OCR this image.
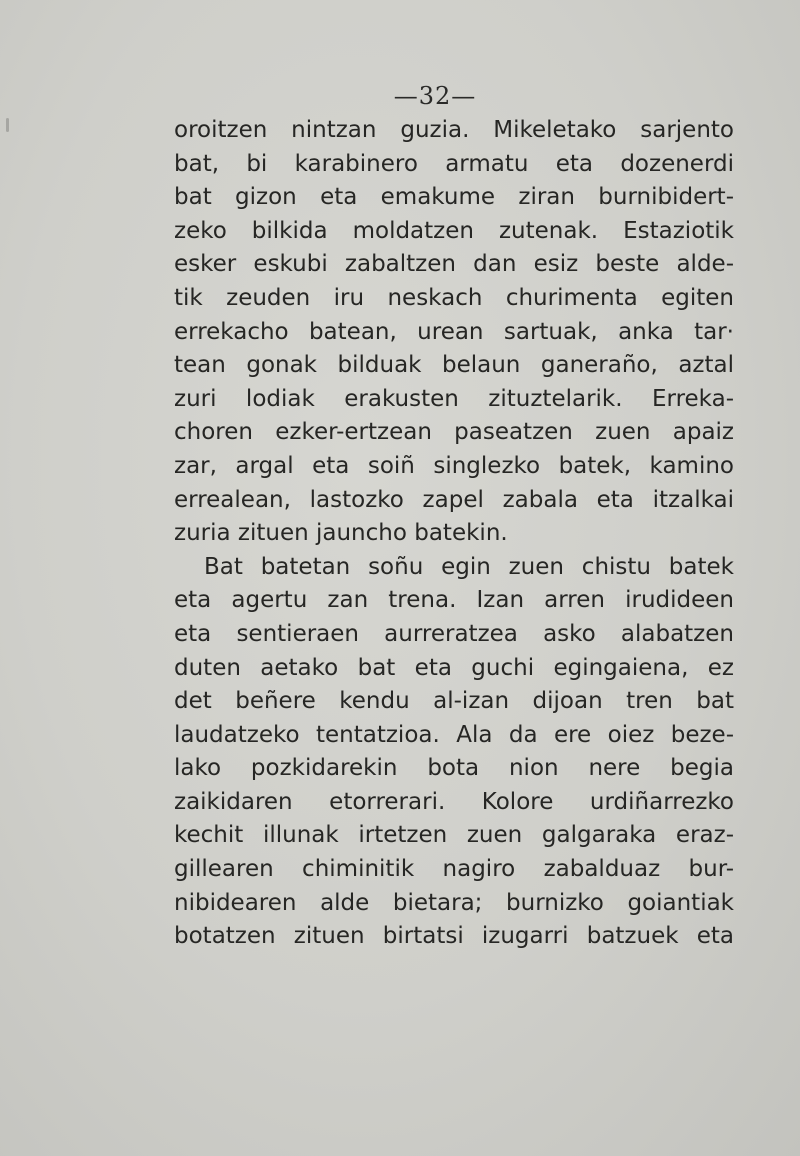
—32—
oroitzen nintzan guzia. Mikeletako sarjento
bat, bi karabinero armatu eta dozenerdi
bat gizon eta emakume ziran burnibidert-
zeko bilkida moldatzen zutenak. Estaziotik
esker eskubi zabaltzen dan esiz beste alde-
tik zeuden iru neskach churimenta egiten
errekacho batean, urean sartuak, anka tar·
tean gonak bilduak belaun ganeraño, aztal
zuri lodiak erakusten zituztelarik. Erreka-
choren ezker-ertzean paseatzen zuen apaiz
zar, argal eta soiñ singlezko batek, kamino
errealean, lastozko zapel zabala eta itzalkai
zuria zituen jauncho batekin.
Bat batetan soñu egin zuen chistu batek
eta agertu zan trena. Izan arren irudideen
eta sentieraen aurreratzea asko alabatzen
duten aetako bat eta guchi egingaiena, ez
det beñere kendu al-izan dijoan tren bat
laudatzeko tentatzioa. Ala da ere oiez beze-
lako pozkidarekin bota nion nere begia
zaikidaren etorrerari. Kolore urdiñarrezko
kechit illunak irtetzen zuen galgaraka eraz-
gillearen chiminitik nagiro zabalduaz bur-
nibidearen alde bietara; burnizko goiantiak
botatzen zituen birtatsi izugarri batzuek eta
